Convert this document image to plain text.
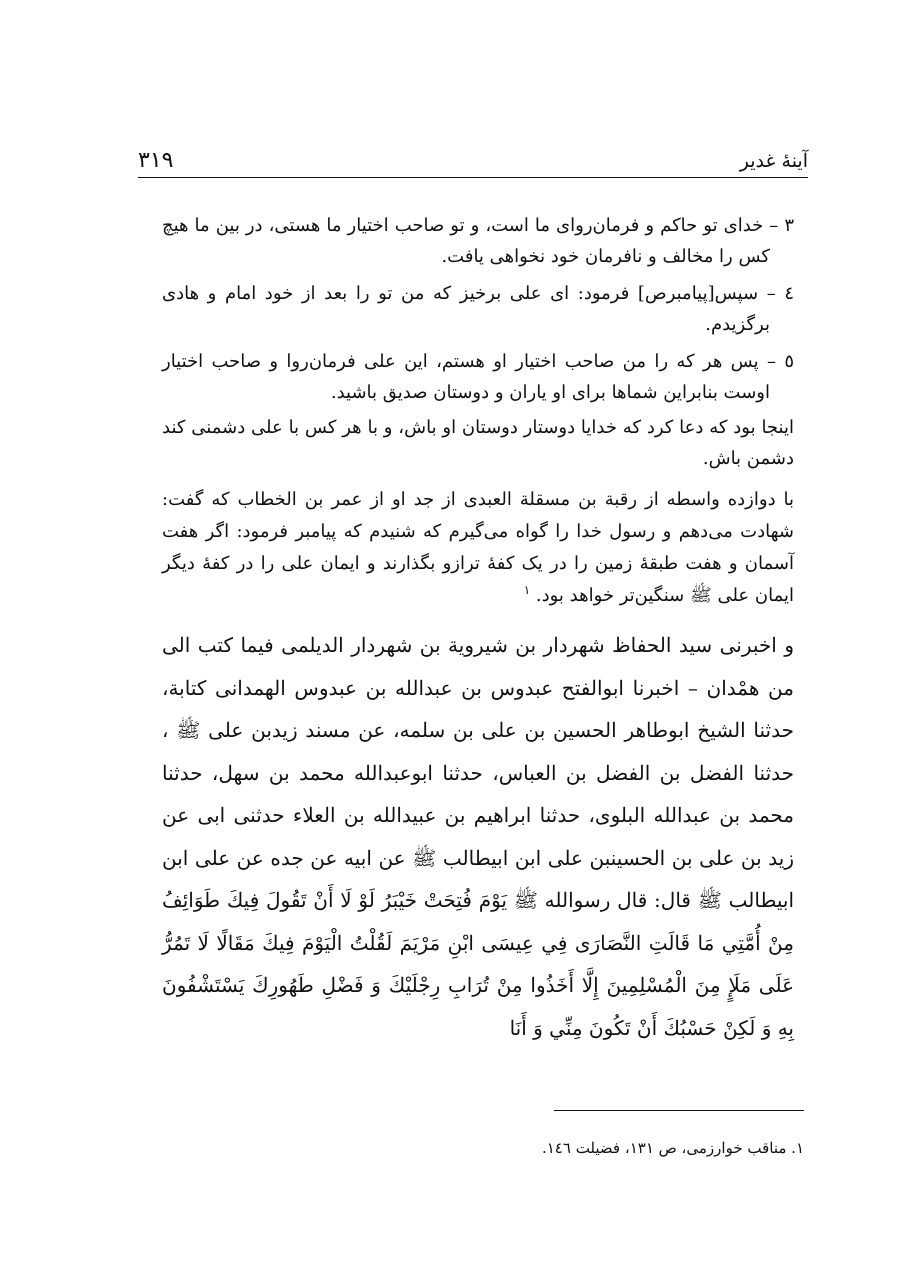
آینهٔ غدیر
۳۱۹

۳ – خدای تو حاکم و فرمان‌روای ما است، و تو صاحب اختیار ما هستی، در بین ما هیچ کس را مخالف و نافرمان خود نخواهی یافت.

٤ – سپس[پیامبرص] فرمود: ای علی برخیز که من تو را بعد از خود امام و هادی برگزیدم.

٥ – پس هر که را من صاحب اختیار او هستم، این علی فرمان‌روا و صاحب اختیار اوست بنابراین شماها برای او یاران و دوستان صدیق باشید.

اینجا بود که دعا کرد که خدایا دوستار دوستان او باش، و با هر کس با علی دشمنی کند دشمن باش.

با دوازده واسطه از رقبة بن مسقلة العبدی از جد او از عمر بن الخطاب که گفت: شهادت می‌دهم و رسول خدا را گواه می‌گیرم که شنیدم که پیامبر فرمود: اگر هفت آسمان و هفت طبقهٔ زمین را در یک کفهٔ ترازو بگذارند و ایمان علی را در کفهٔ دیگر ایمان علی ﷺ سنگین‌تر خواهد بود. $^۱$

و اخبرنی سید الحفاظ شهردار بن شیرویة بن شهردار الدیلمی فیما کتب الی من همْدان – اخبرنا ابوالفتح عبدوس بن عبدالله بن عبدوس الهمدانی کتابة، حدثنا الشیخ ابوطاهر الحسین بن علی بن سلمه، عن مسند زیدبن علی ﷺ ، حدثنا الفضل بن الفضل بن العباس، حدثنا ابوعبدالله محمد بن سهل، حدثنا محمد بن عبدالله البلوی، حدثنا ابراهیم بن عبیدالله بن العلاء حدثنی ابی عن زید بن علی بن الحسینبن علی ابن ابیطالب ﷺ عن ابیه عن جده عن علی ابن ابیطالب ﷺ قال: قال رسوالله ﷺ يَوْمَ فُتِحَتْ خَيْبَرُ لَوْ لَا أَنْ تَقُولَ فِيكَ طَوَائِفُ مِنْ أُمَّتِي مَا قَالَتِ النَّصَارَی فِي عِيسَی ابْنِ مَرْيَمَ لَقُلْتُ الْيَوْمَ فِيكَ مَقَالًا لَا تَمُرُّ عَلَی مَلَإٍ مِنَ الْمُسْلِمِينَ إِلَّا أَخَذُوا مِنْ تُرَابِ رِجْلَيْكَ وَ فَضْلِ طَهُورِكَ يَسْتَشْفُونَ بِهِ وَ لَكِنْ حَسْبُكَ أَنْ تَكُونَ مِنِّي وَ أَنَا

۱. مناقب خوارزمی، ص ۱۳۱، فضیلت ١٤٦.
